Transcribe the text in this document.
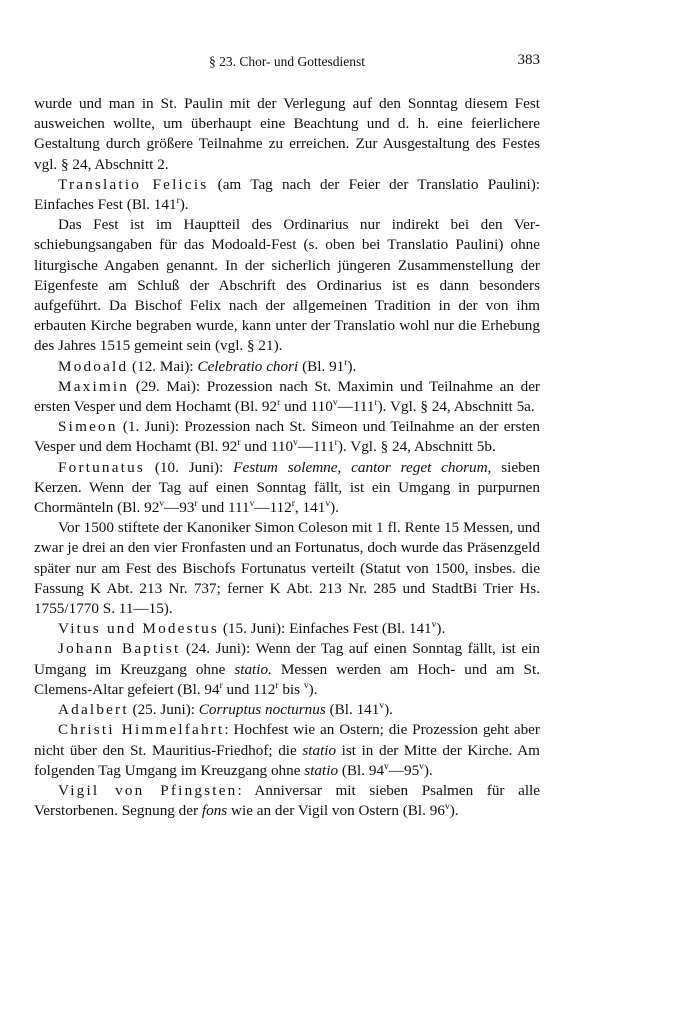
§ 23. Chor- und Gottesdienst	383

wurde und man in St. Paulin mit der Verlegung auf den Sonntag diesem Fest ausweichen wollte, um überhaupt eine Beachtung und d. h. eine feierlichere Gestaltung durch größere Teilnahme zu erreichen. Zur Ausgestaltung des Festes vgl. § 24, Abschnitt 2.

Translatio Felicis (am Tag nach der Feier der Translatio Paulini): Einfaches Fest (Bl. 141$^r$).

Das Fest ist im Hauptteil des Ordinarius nur indirekt bei den Verschiebungsangaben für das Modoald-Fest (s. oben bei Translatio Paulini) ohne liturgische Angaben genannt. In der sicherlich jüngeren Zusammenstellung der Eigenfeste am Schluß der Abschrift des Ordinarius ist es dann besonders aufgeführt. Da Bischof Felix nach der allgemeinen Tradition in der von ihm erbauten Kirche begraben wurde, kann unter der Translatio wohl nur die Erhebung des Jahres 1515 gemeint sein (vgl. § 21).

Modoald (12. Mai): Celebratio chori (Bl. 91$^r$).

Maximin (29. Mai): Prozession nach St. Maximin und Teilnahme an der ersten Vesper und dem Hochamt (Bl. 92$^r$ und 110$^v$—111$^r$). Vgl. § 24, Abschnitt 5a.

Simeon (1. Juni): Prozession nach St. Simeon und Teilnahme an der ersten Vesper und dem Hochamt (Bl. 92$^r$ und 110$^v$—111$^r$). Vgl. § 24, Abschnitt 5b.

Fortunatus (10. Juni): Festum solemne, cantor reget chorum, sieben Kerzen. Wenn der Tag auf einen Sonntag fällt, ist ein Umgang in purpurnen Chormänteln (Bl. 92$^v$—93$^r$ und 111$^v$—112$^r$, 141$^v$).

Vor 1500 stiftete der Kanoniker Simon Coleson mit 1 fl. Rente 15 Messen, und zwar je drei an den vier Fronfasten und an Fortunatus, doch wurde das Präsenzgeld später nur am Fest des Bischofs Fortunatus verteilt (Statut von 1500, insbes. die Fassung K Abt. 213 Nr. 737; ferner K Abt. 213 Nr. 285 und StadtBi Trier Hs. 1755/1770 S. 11—15).

Vitus und Modestus (15. Juni): Einfaches Fest (Bl. 141$^v$).

Johann Baptist (24. Juni): Wenn der Tag auf einen Sonntag fällt, ist ein Umgang im Kreuzgang ohne statio. Messen werden am Hoch- und am St. Clemens-Altar gefeiert (Bl. 94$^r$ und 112$^r$ bis $^v$).

Adalbert (25. Juni): Corruptus nocturnus (Bl. 141$^v$).

Christi Himmelfahrt: Hochfest wie an Ostern; die Prozession geht aber nicht über den St. Mauritius-Friedhof; die statio ist in der Mitte der Kirche. Am folgenden Tag Umgang im Kreuzgang ohne statio (Bl. 94$^v$—95$^v$).

Vigil von Pfingsten: Anniversar mit sieben Psalmen für alle Verstorbenen. Segnung der fons wie an der Vigil von Ostern (Bl. 96$^v$).
